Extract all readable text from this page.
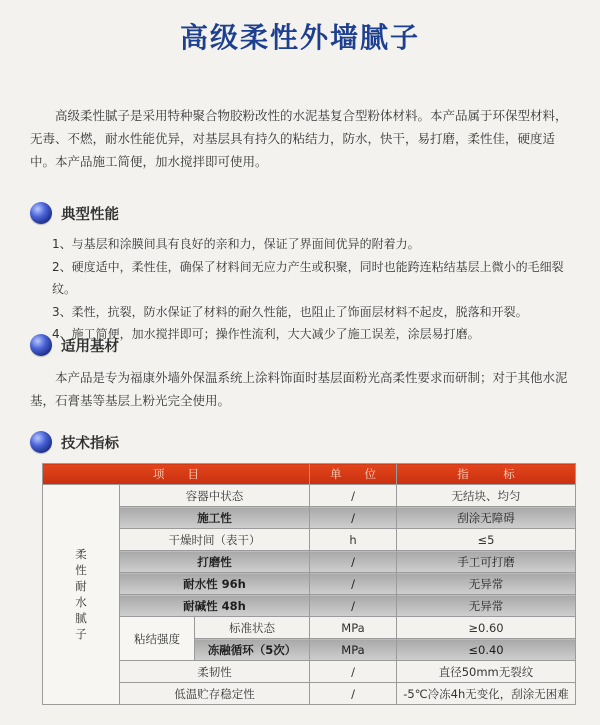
高级柔性外墙腻子
高级柔性腻子是采用特种聚合物胶粉改性的水泥基复合型粉体材料。本产品属于环保型材料，无毒、不燃，耐水性能优异，对基层具有持久的粘结力，防水，快干，易打磨，柔性佳，硬度适中。本产品施工简便，加水搅拌即可使用。
典型性能
1、与基层和涂膜间具有良好的亲和力，保证了界面间优异的附着力。
2、硬度适中，柔性佳，确保了材料间无应力产生或积聚，同时也能跨连粘结基层上微小的毛细裂纹。
3、柔性，抗裂，防水保证了材料的耐久性能，也阻止了饰面层材料不起皮，脱落和开裂。
4、施工简便，加水搅拌即可；操作性流利，大大减少了施工误差，涂层易打磨。
适用基材
本产品是专为福康外墙外保温系统上涂料饰面时基层面粉光高柔性要求而研制；对于其他水泥基，石膏基等基层上粉光完全使用。
技术指标
项　　目			单　　位	指　　　标
柔性耐水腻子	容器中状态		/	无结块、均匀
	施工性		/	刮涂无障碍
	干燥时间（表干）		h	≤5
	打磨性		/	手工可打磨
	耐水性 96h		/	无异常
	耐碱性 48h		/	无异常
	粘结强度	标准状态	MPa	≥0.60
		冻融循环（5次）	MPa	≤0.40
	柔韧性		/	直径50mm无裂纹
	低温贮存稳定性		/	-5℃冷冻4h无变化，刮涂无困难
